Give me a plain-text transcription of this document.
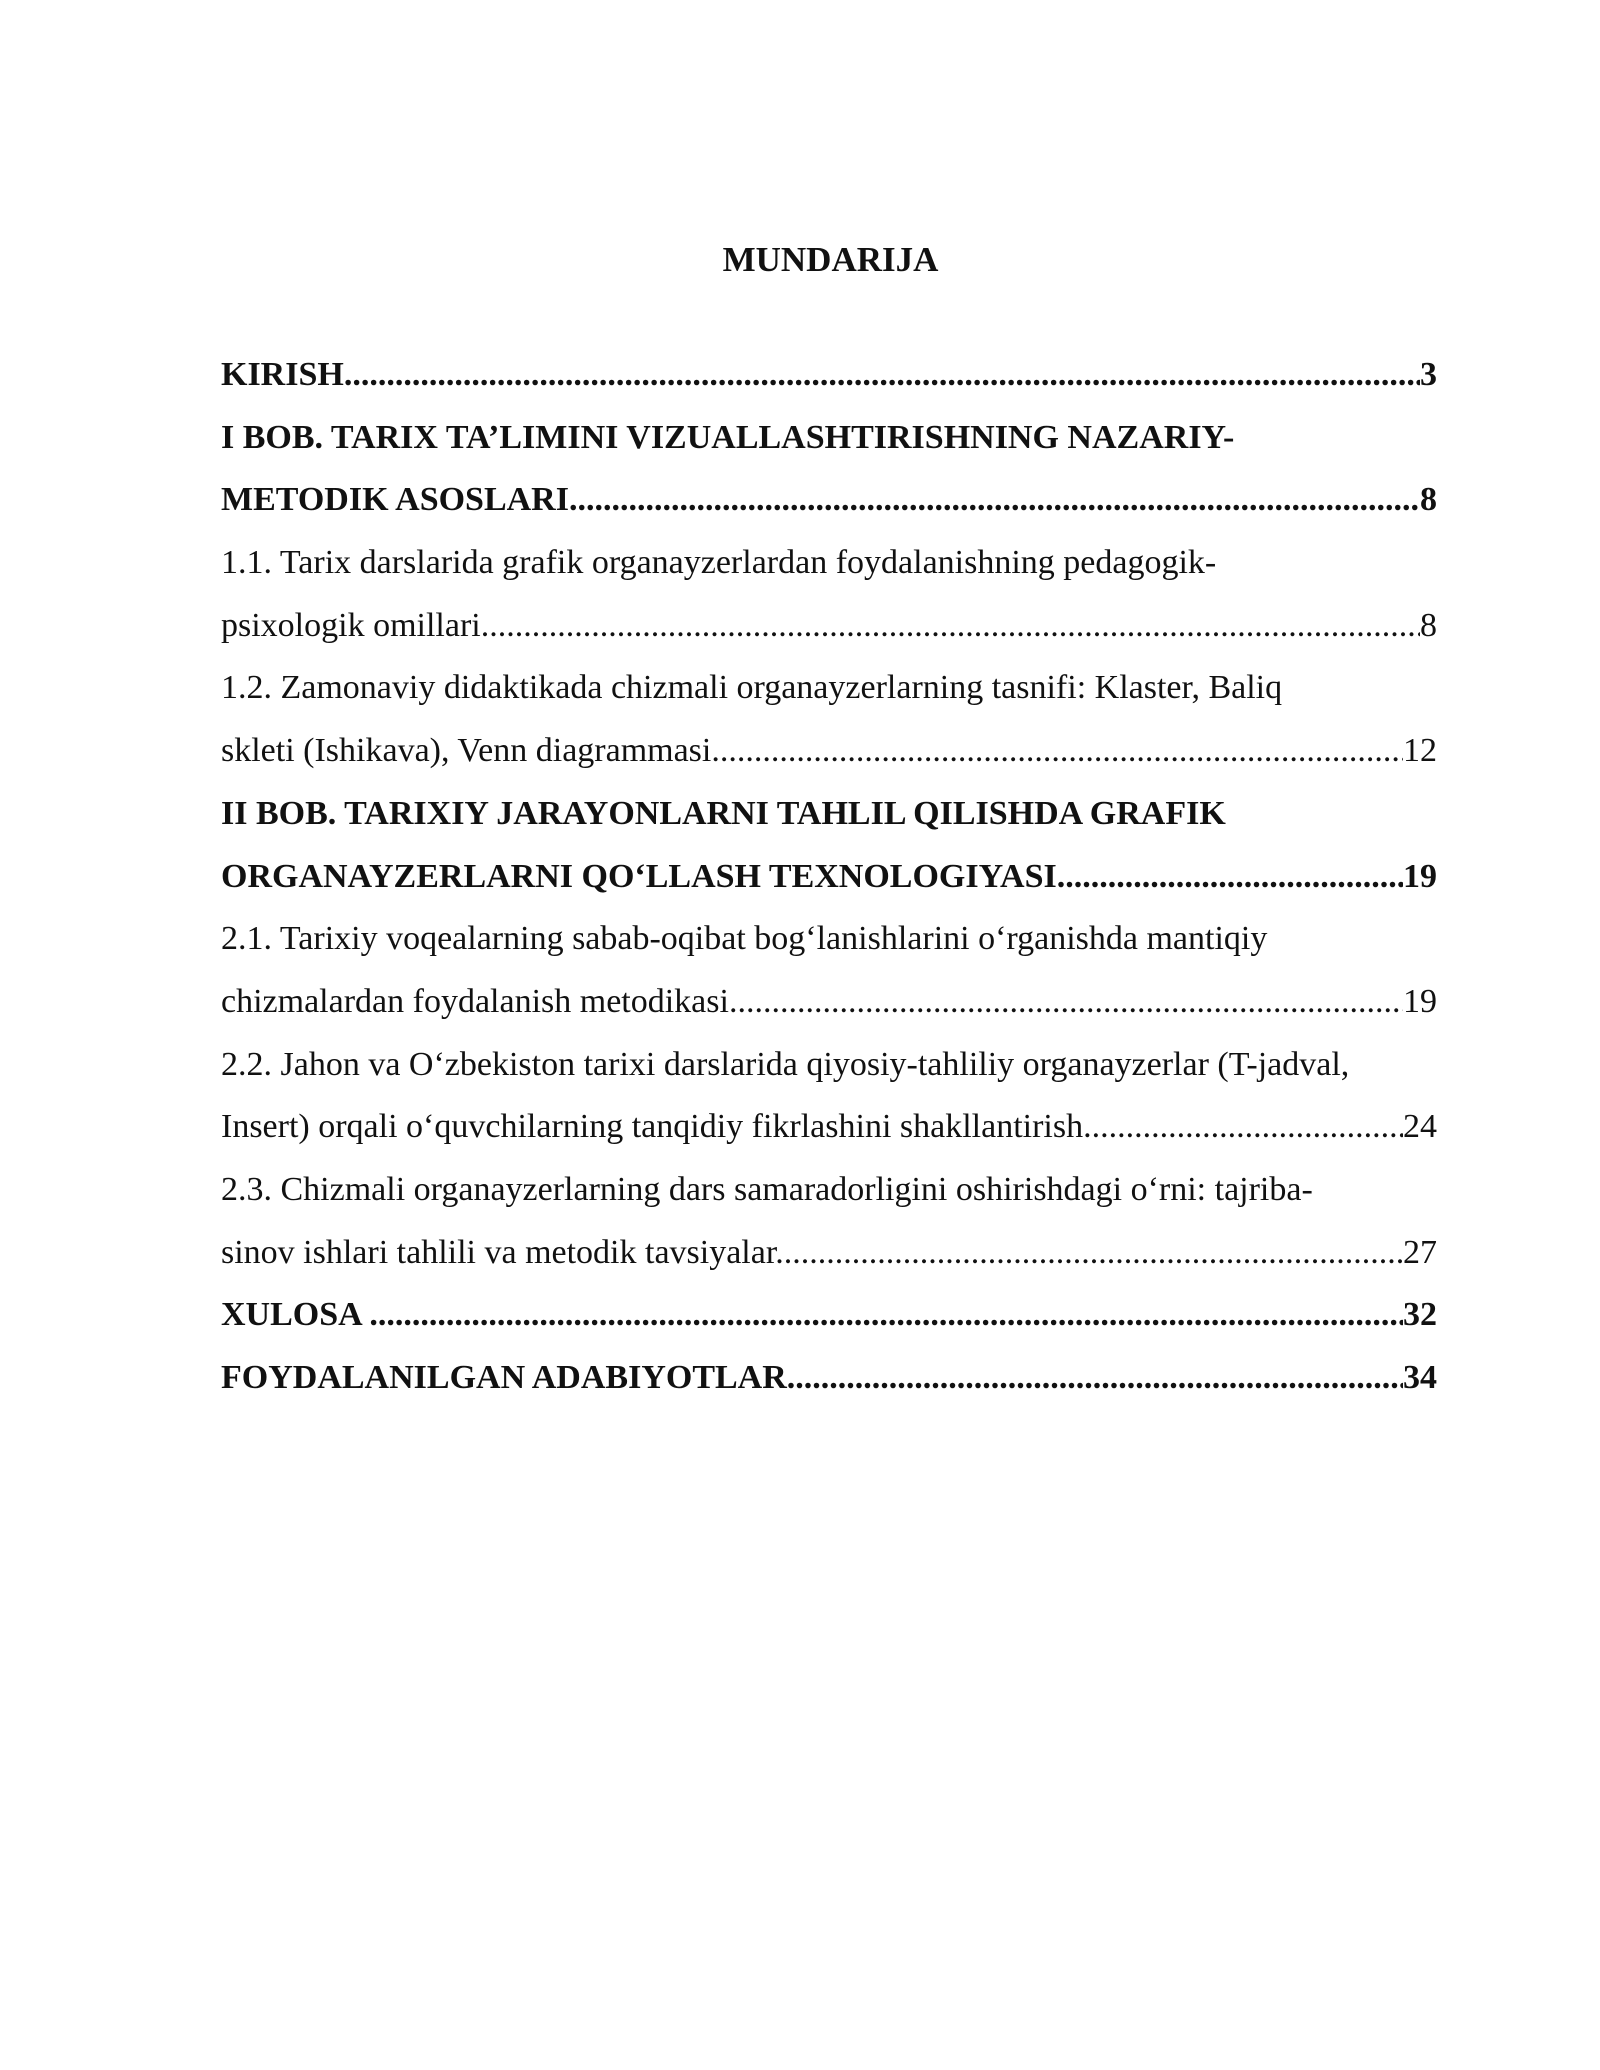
MUNDARIJA
KIRISH .....	3
I BOB. TARIX TA’LIMINI VIZUALLASHTIRISHNING NAZARIY-
METODIK ASOSLARI .....	8
1.1. Tarix darslarida grafik organayzerlardan foydalanishning pedagogik-
psixologik omillari .....	8
1.2. Zamonaviy didaktikada chizmali organayzerlarning tasnifi: Klaster, Baliq
skleti (Ishikava), Venn diagrammasi .....	12
II BOB. TARIXIY JARAYONLARNI TAHLIL QILISHDA GRAFIK
ORGANAYZERLARNI QO‘LLASH TEXNOLOGIYASI .....	19
2.1. Tarixiy voqealarning sabab-oqibat bog‘lanishlarini o‘rganishda mantiqiy
chizmalardan foydalanish metodikasi .....	19
2.2. Jahon va O‘zbekiston tarixi darslarida qiyosiy-tahliliy organayzerlar (T-jadval,
Insert) orqali o‘quvchilarning tanqidiy fikrlashini shakllantirish. .....	24
2.3. Chizmali organayzerlarning dars samaradorligini oshirishdagi o‘rni: tajriba-
sinov ishlari tahlili va metodik tavsiyalar. .....	27
XULOSA .....	32
FOYDALANILGAN ADABIYOTLAR .....	34
